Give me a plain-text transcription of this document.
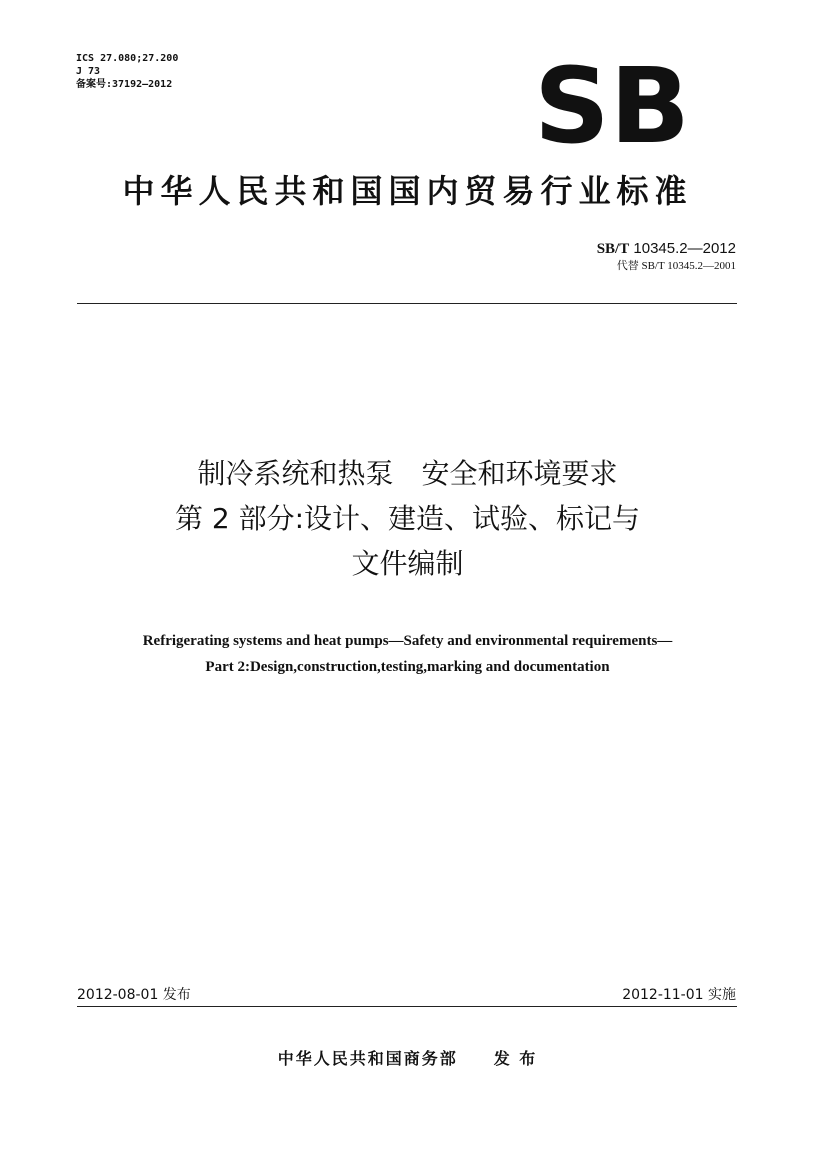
ICS 27.080;27.200
J 73
备案号:37192—2012	SB
中华人民共和国国内贸易行业标准
SB/T 10345.2—2012
代替 SB/T 10345.2—2001
制冷系统和热泵　安全和环境要求
第 2 部分:设计、建造、试验、标记与
文件编制
Refrigerating systems and heat pumps—Safety and environmental requirements—
Part 2:Design,construction,testing,marking and documentation
2012-08-01 发布	2012-11-01 实施
中华人民共和国商务部 发 布
